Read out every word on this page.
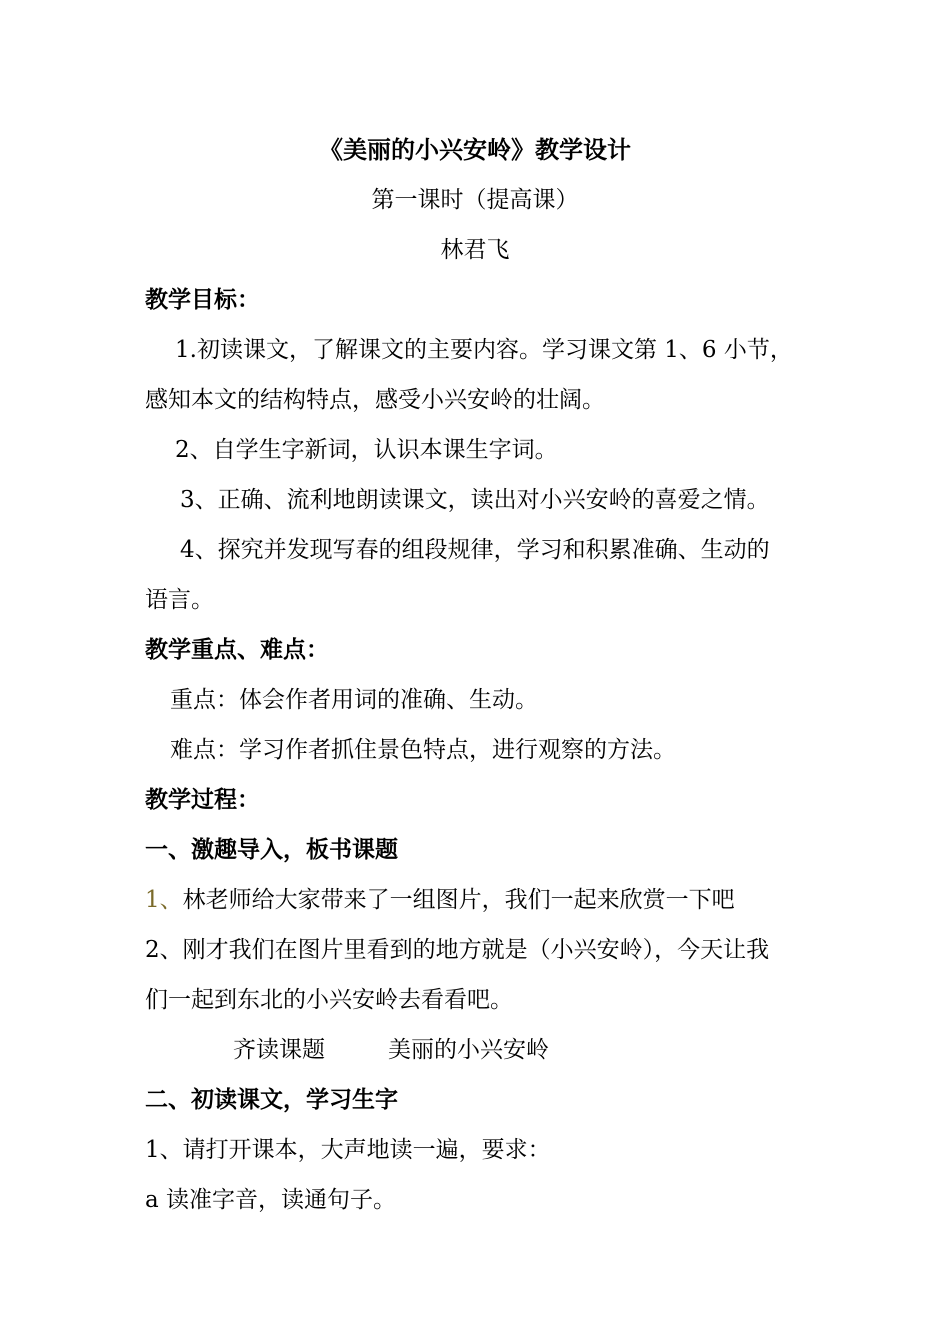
《美丽的小兴安岭》教学设计
第一课时（提高课）
林君飞
教学目标：
1.初读课文，了解课文的主要内容。学习课文第 1、6 小节，
感知本文的结构特点，感受小兴安岭的壮阔。
2、自学生字新词，认识本课生字词。
3、正确、流利地朗读课文，读出对小兴安岭的喜爱之情。
4、探究并发现写春的组段规律，学习和积累准确、生动的
语言。
教学重点、难点：
重点：体会作者用词的准确、生动。
难点：学习作者抓住景色特点，进行观察的方法。
教学过程：
一、激趣导入，板书课题
1、林老师给大家带来了一组图片，我们一起来欣赏一下吧
2、刚才我们在图片里看到的地方就是（小兴安岭），今天让我
们一起到东北的小兴安岭去看看吧。
齐读课题	美丽的小兴安岭
二、初读课文，学习生字
1、请打开课本，大声地读一遍，要求：
a 读准字音，读通句子。
